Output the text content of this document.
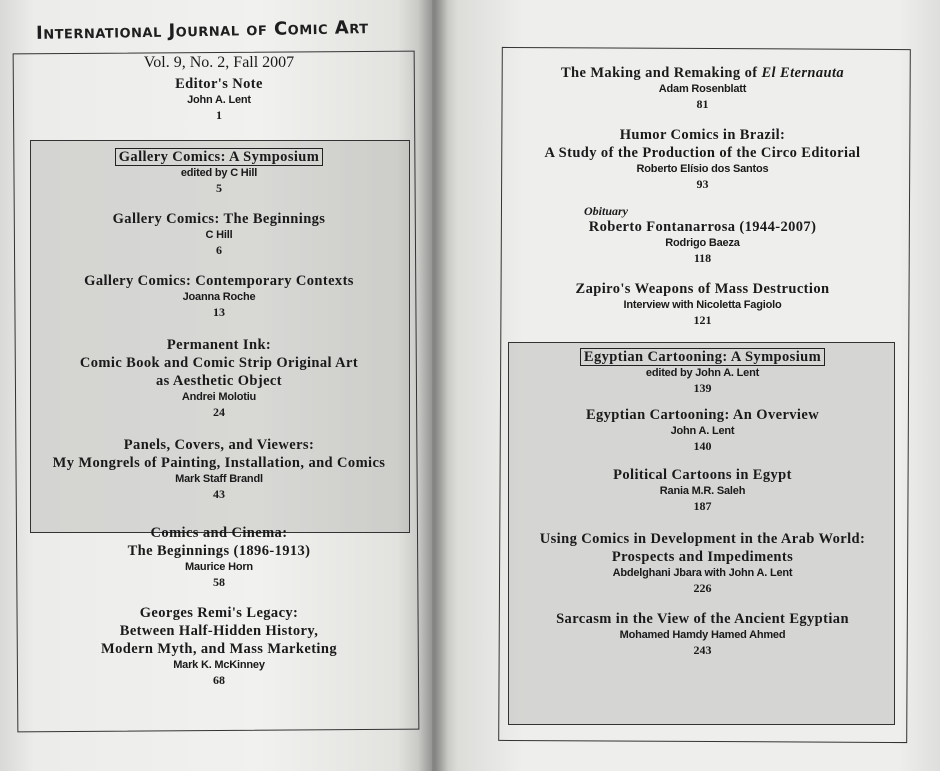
International Journal of Comic Art
Vol. 9, No. 2, Fall 2007
Editor's Note
John A. Lent
1
Gallery Comics: A Symposium
edited by C Hill
5
Gallery Comics: The Beginnings
C Hill
6
Gallery Comics: Contemporary Contexts
Joanna Roche
13
Permanent Ink:
Comic Book and Comic Strip Original Art
as Aesthetic Object
Andrei Molotiu
24
Panels, Covers, and Viewers:
My Mongrels of Painting, Installation, and Comics
Mark Staff Brandl
43
Comics and Cinema:
The Beginnings (1896-1913)
Maurice Horn
58
Georges Remi's Legacy:
Between Half-Hidden History,
Modern Myth, and Mass Marketing
Mark K. McKinney
68
The Making and Remaking of El Eternauta
Adam Rosenblatt
81
Humor Comics in Brazil:
A Study of the Production of the Circo Editorial
Roberto Elísio dos Santos
93
Obituary
Roberto Fontanarrosa (1944-2007)
Rodrigo Baeza
118
Zapiro's Weapons of Mass Destruction
Interview with Nicoletta Fagiolo
121
Egyptian Cartooning: A Symposium
edited by John A. Lent
139
Egyptian Cartooning: An Overview
John A. Lent
140
Political Cartoons in Egypt
Rania M.R. Saleh
187
Using Comics in Development in the Arab World:
Prospects and Impediments
Abdelghani Jbara with John A. Lent
226
Sarcasm in the View of the Ancient Egyptian
Mohamed Hamdy Hamed Ahmed
243
